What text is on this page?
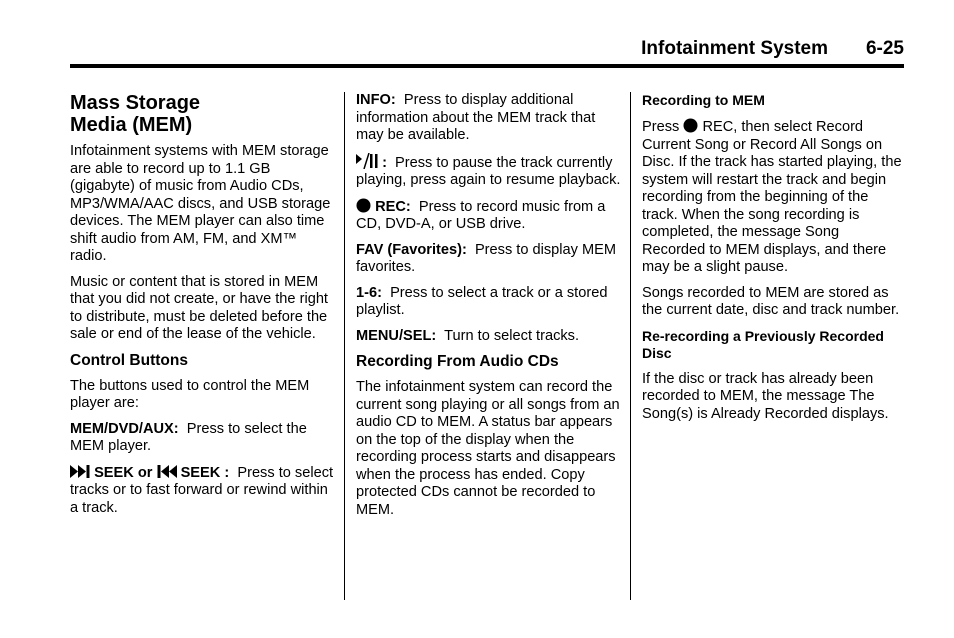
Infotainment System 6-25
Mass Storage
Media (MEM)

Infotainment systems with MEM storage are able to record up to 1.1 GB (gigabyte) of music from Audio CDs, MP3/WMA/AAC discs, and USB storage devices. The MEM player can also time shift audio from AM, FM, and XM™ radio.

Music or content that is stored in MEM that you did not create, or have the right to distribute, must be deleted before the sale or end of the lease of the vehicle.

Control Buttons

The buttons used to control the MEM player are:

MEM/DVD/AUX: Press to select the MEM player.

SEEK or SEEK : Press to select tracks or to fast forward or rewind within a track.

INFO: Press to display additional information about the MEM track that may be available.

: Press to pause the track currently playing, press again to resume playback.

REC: Press to record music from a CD, DVD-A, or USB drive.

FAV (Favorites): Press to display MEM favorites.

1-6: Press to select a track or a stored playlist.

MENU/SEL: Turn to select tracks.

Recording From Audio CDs

The infotainment system can record the current song playing or all songs from an audio CD to MEM. A status bar appears on the top of the display when the recording process starts and disappears when the process has ended. Copy protected CDs cannot be recorded to MEM.

Recording to MEM

Press REC, then select Record Current Song or Record All Songs on Disc. If the track has started playing, the system will restart the track and begin recording from the beginning of the track. When the song recording is completed, the message Song Recorded to MEM displays, and there may be a slight pause.

Songs recorded to MEM are stored as the current date, disc and track number.

Re-recording a Previously Recorded Disc

If the disc or track has already been recorded to MEM, the message The Song(s) is Already Recorded displays.
